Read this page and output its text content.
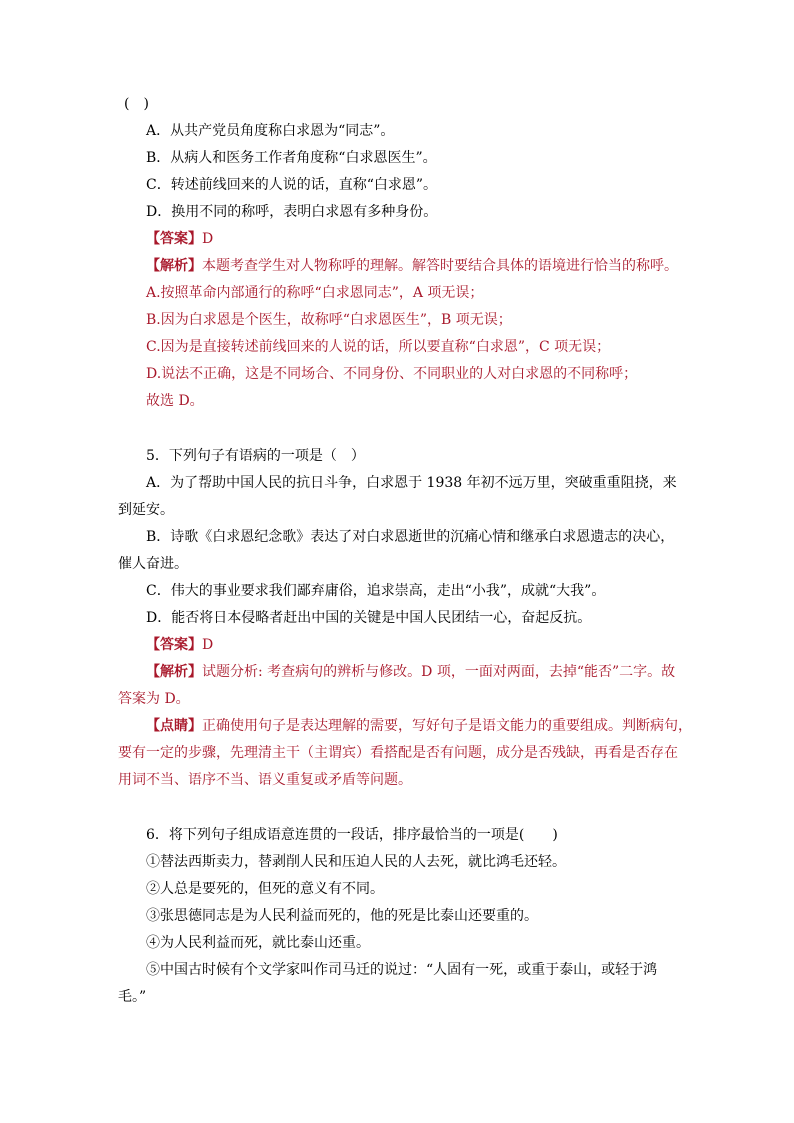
(　)
A．从共产党员角度称白求恩为“同志”。
B．从病人和医务工作者角度称“白求恩医生”。
C．转述前线回来的人说的话，直称“白求恩”。
D．换用不同的称呼，表明白求恩有多种身份。
【答案】D
【解析】本题考查学生对人物称呼的理解。解答时要结合具体的语境进行恰当的称呼。
A.按照革命内部通行的称呼“白求恩同志”，A 项无误；
B.因为白求恩是个医生，故称呼“白求恩医生”，B 项无误；
C.因为是直接转述前线回来的人说的话，所以要直称“白求恩”，C 项无误；
D.说法不正确，这是不同场合、不同身份、不同职业的人对白求恩的不同称呼；
故选 D。
5．下列句子有语病的一项是（　）
A．为了帮助中国人民的抗日斗争，白求恩于 1938 年初不远万里，突破重重阻挠，来
到延安。
B．诗歌《白求恩纪念歌》表达了对白求恩逝世的沉痛心情和继承白求恩遗志的决心，
催人奋进。
C．伟大的事业要求我们鄙弃庸俗，追求崇高，走出“小我”，成就“大我”。
D．能否将日本侵略者赶出中国的关键是中国人民团结一心，奋起反抗。
【答案】D
【解析】试题分析: 考查病句的辨析与修改。D 项，一面对两面，去掉“能否”二字。故
答案为 D。
【点睛】正确使用句子是表达理解的需要，写好句子是语文能力的重要组成。判断病句，
要有一定的步骤，先理清主干（主谓宾）看搭配是否有问题，成分是否残缺，再看是否存在
用词不当、语序不当、语义重复或矛盾等问题。
6．将下列句子组成语意连贯的一段话，排序最恰当的一项是(　　)
①替法西斯卖力，替剥削人民和压迫人民的人去死，就比鸿毛还轻。
②人总是要死的，但死的意义有不同。
③张思德同志是为人民利益而死的，他的死是比泰山还要重的。
④为人民利益而死，就比泰山还重。
⑤中国古时候有个文学家叫作司马迁的说过：“人固有一死，或重于泰山，或轻于鸿
毛。”
